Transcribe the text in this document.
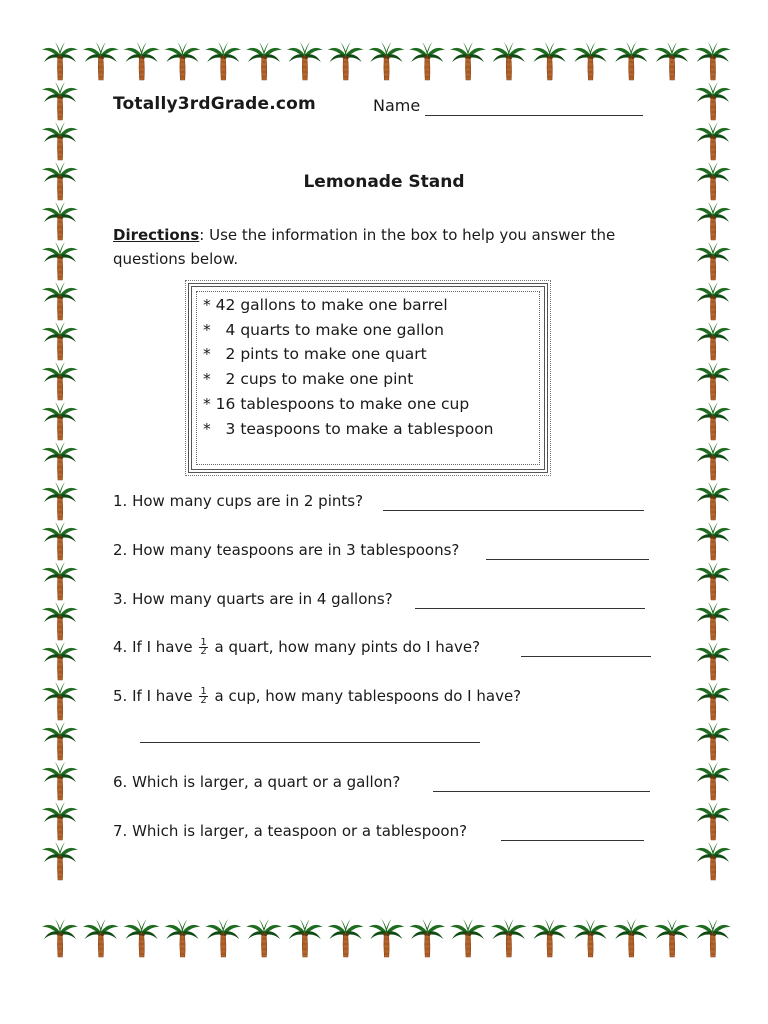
Totally3rdGrade.com	Name
Lemonade Stand
Directions: Use the information in the box to help you answer the questions below.
* 42 gallons to make one barrel
*   4 quarts to make one gallon
*   2 pints to make one quart
*   2 cups to make one pint
* 16 tablespoons to make one cup
*   3 teaspoons to make a tablespoon
1. How many cups are in 2 pints?
2. How many teaspoons are in 3 tablespoons?
3. How many quarts are in 4 gallons?
4. If I have $\frac{1}{2}$ a quart, how many pints do I have?
5. If I have $\frac{1}{2}$ a cup, how many tablespoons do I have?
6. Which is larger, a quart or a gallon?
7. Which is larger, a teaspoon or a tablespoon?
